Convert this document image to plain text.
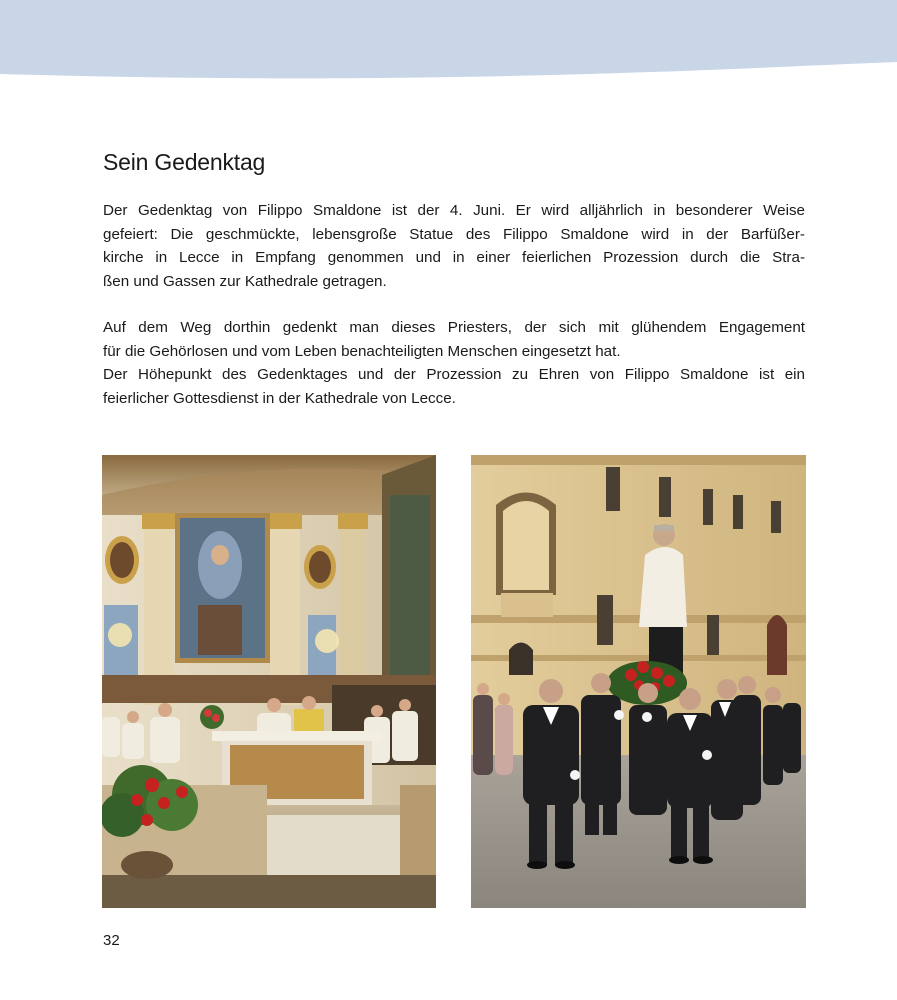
Sein Gedenktag
Der Gedenktag von Filippo Smaldone ist der 4. Juni. Er wird alljährlich in besonderer Weise
gefeiert: Die geschmückte, lebensgroße Statue des Filippo Smaldone wird in der Barfüßer-
kirche in Lecce in Empfang genommen und in einer feierlichen Prozession durch die Stra-
ßen und Gassen zur Kathedrale getragen.
Auf dem Weg dorthin gedenkt man dieses Priesters, der sich mit glühendem Engagement
für die Gehörlosen und vom Leben benachteiligten Menschen eingesetzt hat.
Der Höhepunkt des Gedenktages und der Prozession zu Ehren von Filippo Smaldone ist ein
feierlicher Gottesdienst in der Kathedrale von Lecce.
32
